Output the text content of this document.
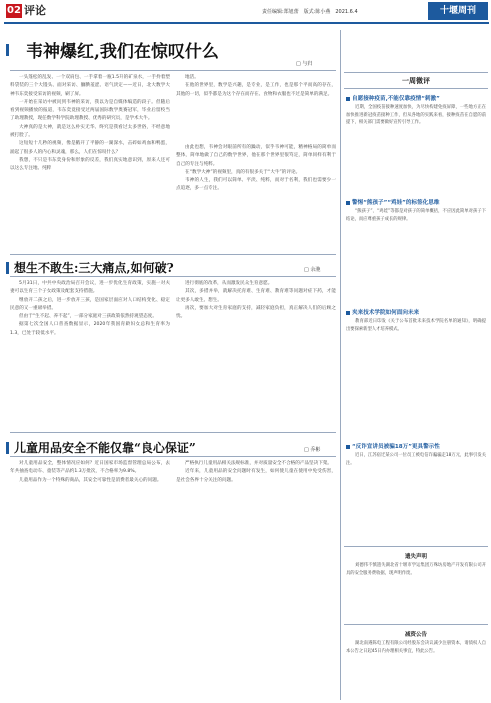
02 评论	责任编辑:郑旭蕾　版式:陈小燕　2021.6.4	十堰周刊
韦神爆红,我们在惊叹什么
□ 与归

一头蓬松的乱发、一个双肩包、一手拿着一瓶1.5升的矿泉水，一手拎着塑料袋装的三个大馒头、面对采访、腼腆羞涩、语气淡定——近日，北大数学大神韦东奕接受采访的视频，刷了屏。

一开始在采访中被问到韦神的采访，我以为是自媒体编造的段子。但随后看到视频播放的报道，韦东奕竟接受过两届国际数学奥赛冠军，毕业后留校当了助理教授，现任数学科学院助理教授、优秀的研究员，是学术大牛。

大神真的是大神，就是这么朴实无华、终究是我看过太多世俗，不经意地被打脸了。

这短短十几秒的视频，像是戳开了平静的一湖深水，击碎如鸡血和鸭蛋，涌起了很多人的内心和灵魂，那么，人们在惊叹什么？

我想，不只是韦东奕身份和形象的反差，我们真实地意识到，原来人还可以这么专注地、纯粹

地活。

在他的世界里，数学是兴趣，是专业，是工作，也是那个平而高的存在，其他的一切，似乎都是为这个存在而存在、食物和衣服也不过是简单的满足。

由此也想，韦神会对眼前所有的躁动，似乎韦神可能，精神格局的简单而整体，简单地做了自己的数学世界，他在那个世界里很笃定，简单同样有利于自己的专注与纯粹。

在“数学大神”的视频里，真的有很多关于“大牛”的评论。

韦神的人生，我们可以简单、平淡、纯粹，而对于名利，我们也需要少一点追逐，多一点专注。

想生不敢生:三大痛点,如何破?	□ 余滟

5月31日，中共中央政治局召开会议，进一步优化生育政策，实施一对夫妻可以生育三个子女政策及配套支持措施。

继放开二孩之后，进一步放开三孩，是国家层面应对人口结构变化、稳定民意的又一重磅举措。

但由于“生不起、养不起”，一部分家庭对三孩政策依然持观望态度。

据第七次全国人口普查数据显示，2020年我国育龄妇女总和生育率为1.3，已处于较低水平。

进行彻底的改革，从而激发民众生育意愿。

其次，多措并举，就解决托育难、生育难、教育难等问题对症下药，才能让更多人敢生、想生。

再次，要加大对生育家庭的支持，减轻家庭负担，真正解决人们的后顾之忧。

儿童用品安全不能仅靠“良心保证”	□ 乔彬

对儿童用品安全，整体情况应如何？近日国家市场监督管理总局公布，去年共抽查电动车、童装等产品约1.3万批次，不合格率为9.8%。

儿童用品作为一个特殊的商品，其安全可靠性是消费者最关心的问题。

严格执行儿童用品相关法规标准，并对质量安全不合格的产品坚决下架。

近年来，儿童用品的安全问题时有发生，如何使儿童在使用中免受伤害，是社会各界十分关注的问题。

一周微评
自愿接种疫苗,不能仅靠疫情“刺激”

近期，全国疫苗接种速度加快，为尽快构建免疫屏障，一些地方正在加快推进新冠疫苗接种工作，但从各地的实践来看，接种疫苗在自愿的前提下，相关部门需要做好宣传引导工作。

警惕“熊孩子”“鸡娃”的标签化思维

“熊孩子”、“鸡娃”等都是对孩子的简单概括，不应因此简单对孩子下结论，而应尊重孩子成长的规律。

夹来技术学院如何面向未来

教育部近日印发《关于公布首批未来技术学院名单的通知》，明确提出要探索新型人才培养模式。

“反诈宣讲员被骗18万”更具警示性

近日，江苏宿迁某公司一位员工被电信诈骗骗走18万元，此事引发关注。

遗失声明

刘德伟不慎遗失湖北省十堰市学运集团万殊坊房地产开发有限公司开具的安全服务费收据，现声明作废。

减资公告

湖北南遇陈电工程有限公司经股东会决议减少注册资本，请债权人自本公告之日起45日内办理相关事宜，特此公告。
